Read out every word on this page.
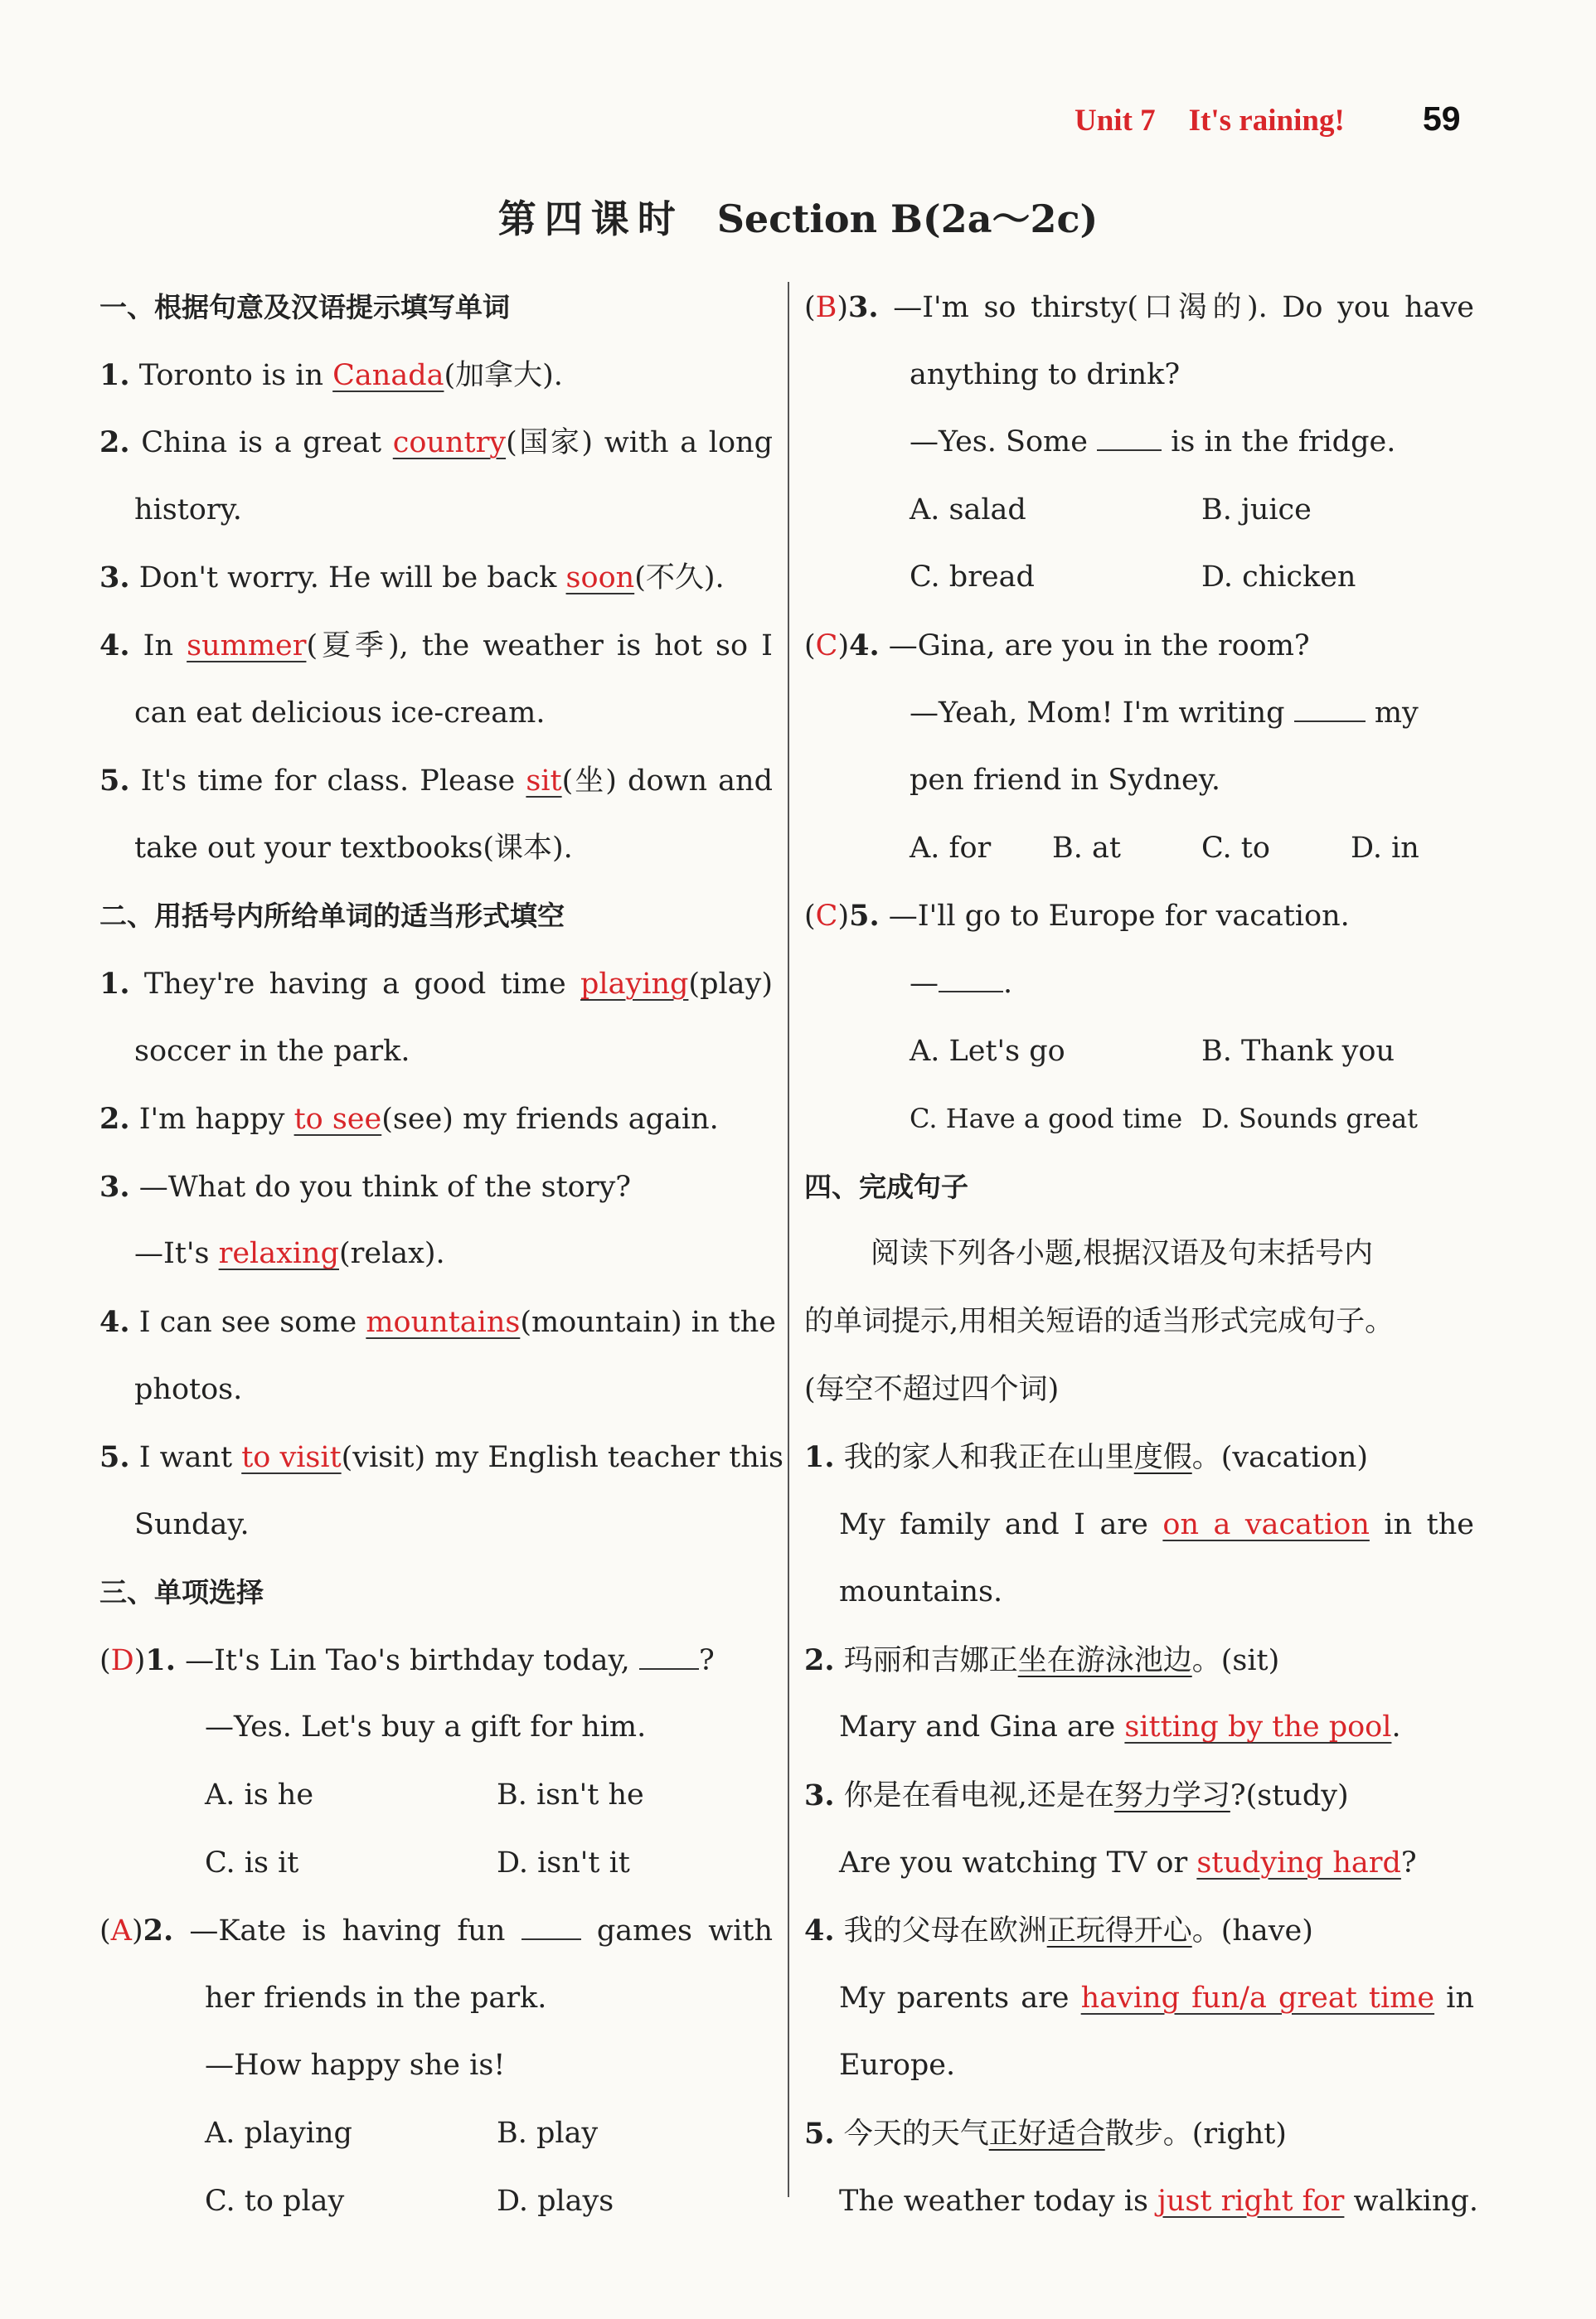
Unit 7 It's raining! 59
第四课时 Section B(2a～2c)
一、根据句意及汉语提示填写单词
1. Toronto is in Canada(加拿大).
2. China is a great country(国家) with a long
history.
3. Don't worry. He will be back soon(不久).
4. In summer(夏季), the weather is hot so I
can eat delicious ice-cream.
5. It's time for class. Please sit(坐) down and
take out your textbooks(课本).
二、用括号内所给单词的适当形式填空
1. They're having a good time playing(play)
soccer in the park.
2. I'm happy to see(see) my friends again.
3. —What do you think of the story?
—It's relaxing(relax).
4. I can see some mountains(mountain) in the
photos.
5. I want to visit(visit) my English teacher this
Sunday.
三、单项选择
(D)1. —It's Lin Tao's birthday today, ?
—Yes. Let's buy a gift for him.
A. is he	B. isn't he
C. is it	D. isn't it
(A)2. —Kate is having fun  games with
her friends in the park.
—How happy she is!
A. playing	B. play
C. to play	D. plays
(B)3. —I'm so thirsty(口渴的). Do you have
anything to drink?
—Yes. Some  is in the fridge.
A. salad	B. juice
C. bread	D. chicken
(C)4. —Gina, are you in the room?
—Yeah, Mom! I'm writing  my
pen friend in Sydney.
A. for B. at	C. to	D. in
(C)5. —I'll go to Europe for vacation.
— .
A. Let's go	B. Thank you
C. Have a good time D. Sounds great
四、完成句子
阅读下列各小题,根据汉语及句末括号内
的单词提示,用相关短语的适当形式完成句子。
(每空不超过四个词)
1. 我的家人和我正在山里度假。(vacation)
My family and I are on a vacation in the
mountains.
2. 玛丽和吉娜正坐在游泳池边。(sit)
Mary and Gina are sitting by the pool.
3. 你是在看电视,还是在努力学习?(study)
Are you watching TV or studying hard?
4. 我的父母在欧洲正玩得开心。(have)
My parents are having fun/a great time in
Europe.
5. 今天的天气正好适合散步。(right)
The weather today is just right for walking.
